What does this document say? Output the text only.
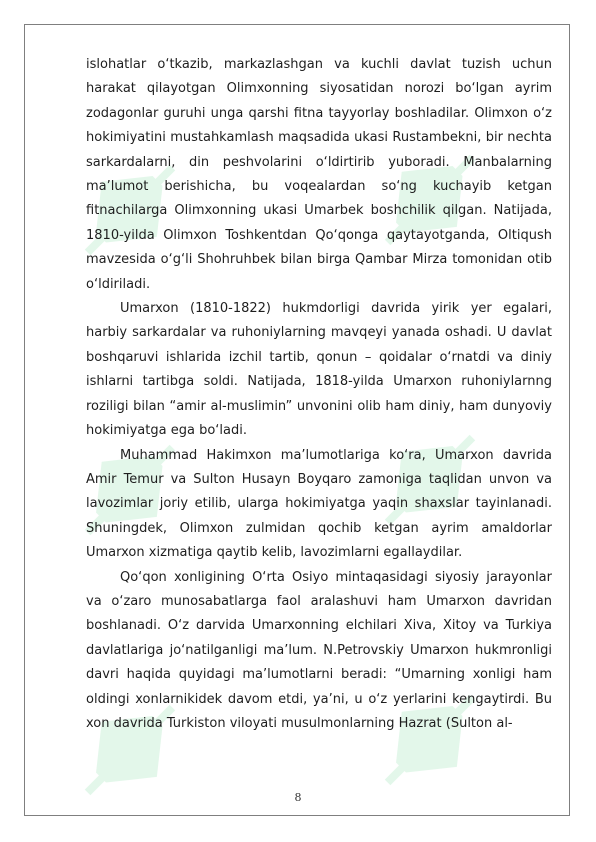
islohatlar o‘tkazib, markazlashgan va kuchli davlat tuzish uchun harakat qilayotgan Olimxonning siyosatidan norozi bo‘lgan ayrim zodagonlar guruhi unga qarshi fitna tayyorlay boshladilar. Olimxon o‘z hokimiyatini mustahkamlash maqsadida ukasi Rustambekni, bir nechta sarkardalarni, din peshvolarini o‘ldirtirib yuboradi. Manbalarning ma’lumot berishicha, bu voqealardan so‘ng kuchayib ketgan fitnachilarga Olimxonning ukasi Umarbek boshchilik qilgan. Natijada, 1810-yilda Olimxon Toshkentdan Qo‘qonga qaytayotganda, Oltiqush mavzesida o‘g‘li Shohruhbek bilan birga Qambar Mirza tomonidan otib o‘ldiriladi.

Umarxon (1810-1822) hukmdorligi davrida yirik yer egalari, harbiy sarkardalar va ruhoniylarning mavqeyi yanada oshadi. U davlat boshqaruvi ishlarida izchil tartib, qonun – qoidalar o‘rnatdi va diniy ishlarni tartibga soldi. Natijada, 1818-yilda Umarxon ruhoniylarnng roziligi bilan “amir al-muslimin” unvonini olib ham diniy, ham dunyoviy hokimiyatga ega bo‘ladi.

Muhammad Hakimxon ma’lumotlariga ko‘ra, Umarxon davrida Amir Temur va Sulton Husayn Boyqaro zamoniga taqlidan unvon va lavozimlar joriy etilib, ularga hokimiyatga yaqin shaxslar tayinlanadi. Shuningdek, Olimxon zulmidan qochib ketgan ayrim amaldorlar Umarxon xizmatiga qaytib kelib, lavozimlarni egallaydilar.

Qo‘qon xonligining O‘rta Osiyo mintaqasidagi siyosiy jarayonlar va o‘zaro munosabatlarga faol aralashuvi ham Umarxon davridan boshlanadi. O‘z darvida Umarxonning elchilari Xiva, Xitoy va Turkiya davlatlariga jo‘natilganligi ma’lum. N.Petrovskiy Umarxon hukmronligi davri haqida quyidagi ma’lumotlarni beradi: “Umarning xonligi ham oldingi xonlarnikidek davom etdi, ya’ni, u o‘z yerlarini kengaytirdi. Bu xon davrida Turkiston viloyati musulmonlarning Hazrat (Sulton al-

8
